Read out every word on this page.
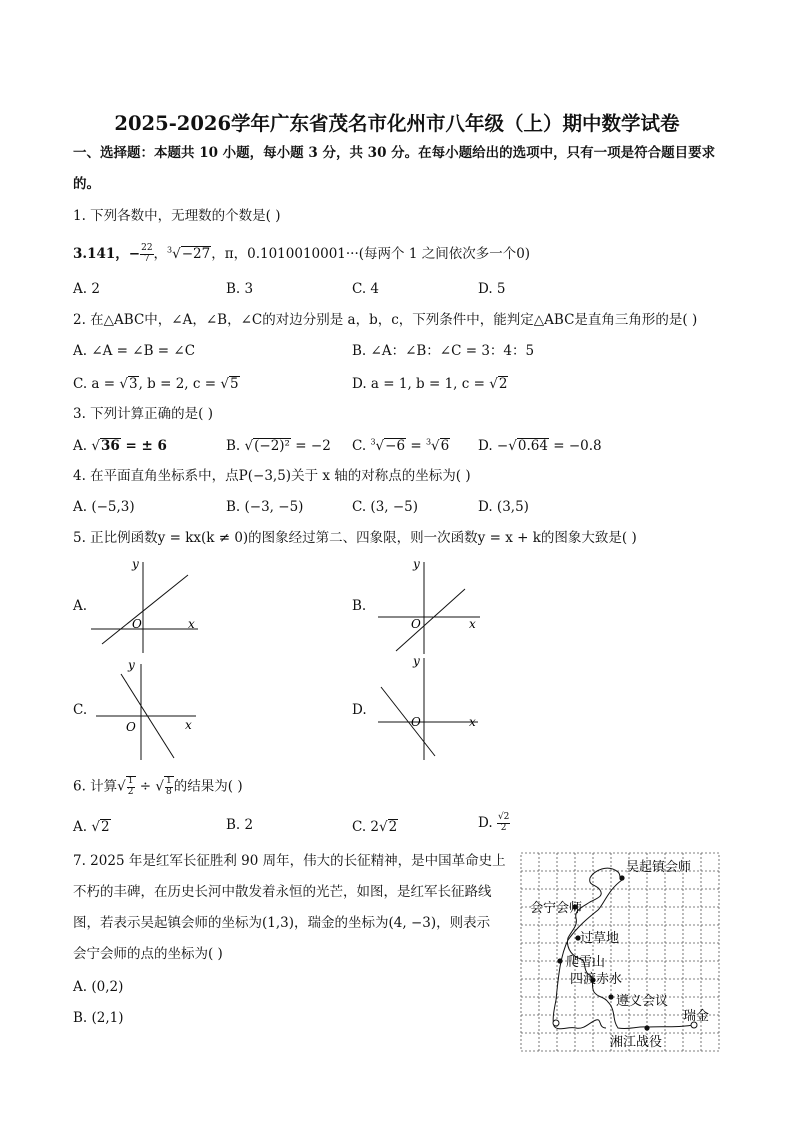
2025-2026学年广东省茂名市化州市八年级（上）期中数学试卷
一、选择题：本题共 10 小题，每小题 3 分，共 30 分。在每小题给出的选项中，只有一项是符合题目要求
的。
1. 下列各数中，无理数的个数是( )
3.141，− $\frac{22}{7}$ ，$^3$√−27，π，0.1010010001···(每两个 1 之间依次多一个0)
A. 2	B. 3	C. 4	D. 5
2. 在△ABC中，∠A，∠B，∠C的对边分别是 a，b，c，下列条件中，能判定△ABC是直角三角形的是( )
A. ∠A = ∠B = ∠C	B. ∠A：∠B：∠C = 3：4：5
C. a = √3, b = 2, c = √5	D. a = 1, b = 1, c = √2
3. 下列计算正确的是( )
A. √36 = ± 6	B. √(−2)² = −2 C. $^3$√−6 = $^3$√6 D. −√0.64 = −0.8
4. 在平面直角坐标系中，点P(−3,5)关于 x 轴的对称点的坐标为( )
A. (−5,3)	B. (−3, −5)	C. (3, −5)	D. (3,5)
5. 正比例函数y = kx(k ≠ 0)的图象经过第二、四象限，则一次函数y = x + k的图象大致是( )
A.
y
x
O
B.
y
x
O
C.
y
x
O
D.
y
x
O
6. 计算√ $\frac{1}{2}$ ÷ √ $\frac{1}{8}$ 的结果为( )
A. √2	B. 2	C. 2√2	D. $\frac{√2}{2}$
7. 2025 年是红军长征胜利 90 周年，伟大的长征精神，是中国革命史上
不朽的丰碑，在历史长河中散发着永恒的光芒，如图，是红军长征路线
图，若表示吴起镇会师的坐标为(1,3)，瑞金的坐标为(4, −3)，则表示
会宁会师的点的坐标为( )
A. (0,2)
B. (2,1)
吴起镇会师
会宁会师
过草地
爬雪山
四渡赤水
遵义会议
瑞金
湘江战役
